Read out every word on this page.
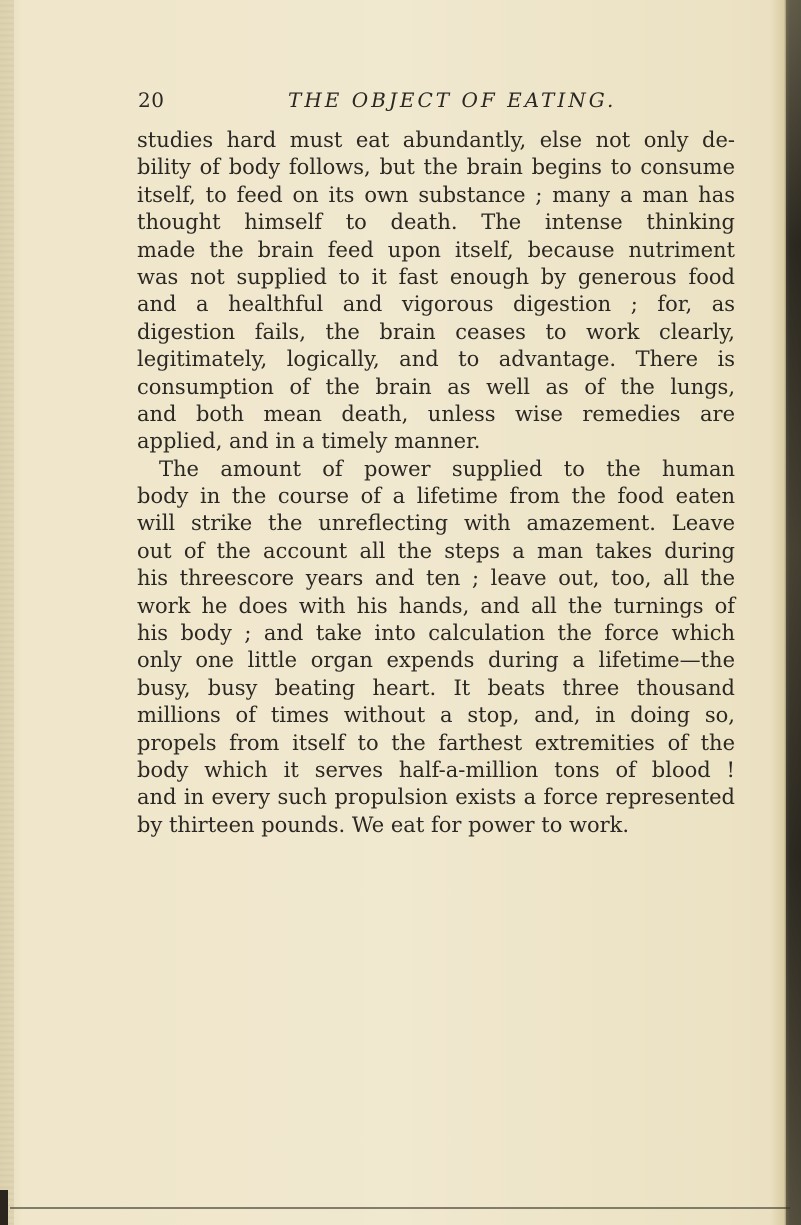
20	THE OBJECT OF EATING.
studies hard must eat abundantly, else not only de-
bility of body follows, but the brain begins to consume
itself, to feed on its own substance ; many a man has
thought himself to death. The intense thinking
made the brain feed upon itself, because nutriment
was not supplied to it fast enough by generous food
and a healthful and vigorous digestion ; for, as
digestion fails, the brain ceases to work clearly,
legitimately, logically, and to advantage. There is
consumption of the brain as well as of the lungs,
and both mean death, unless wise remedies are
applied, and in a timely manner.
The amount of power supplied to the human
body in the course of a lifetime from the food eaten
will strike the unreflecting with amazement. Leave
out of the account all the steps a man takes during
his threescore years and ten ; leave out, too, all the
work he does with his hands, and all the turnings of
his body ; and take into calculation the force which
only one little organ expends during a lifetime—the
busy, busy beating heart. It beats three thousand
millions of times without a stop, and, in doing so,
propels from itself to the farthest extremities of the
body which it serves half-a-million tons of blood !
and in every such propulsion exists a force represented
by thirteen pounds. We eat for power to work.
